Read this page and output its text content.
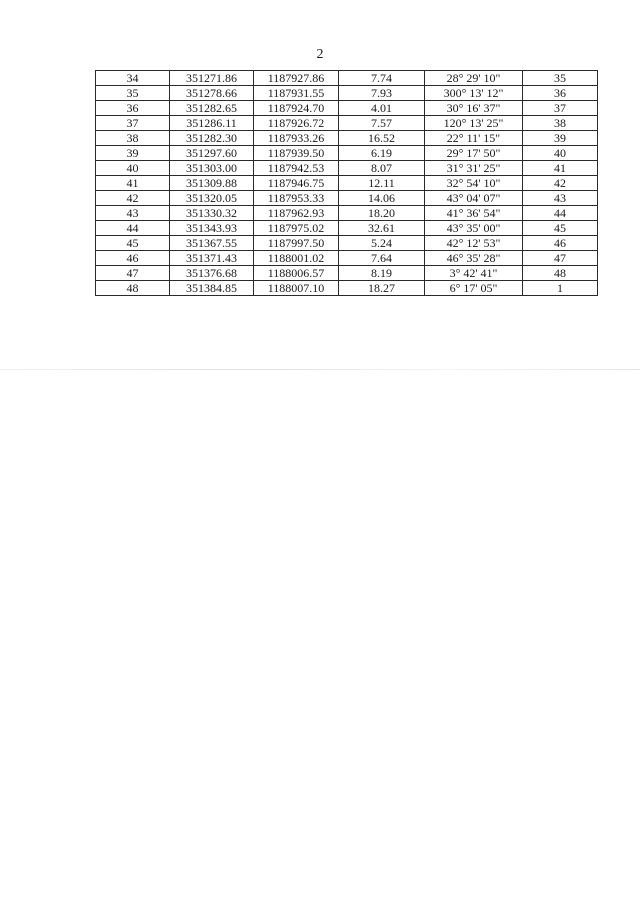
2
34	351271.86	1187927.86	7.74	28° 29' 10"	35
35	351278.66	1187931.55	7.93	300° 13' 12"	36
36	351282.65	1187924.70	4.01	30° 16' 37"	37
37	351286.11	1187926.72	7.57	120° 13' 25"	38
38	351282.30	1187933.26	16.52	22° 11' 15"	39
39	351297.60	1187939.50	6.19	29° 17' 50"	40
40	351303.00	1187942.53	8.07	31° 31' 25"	41
41	351309.88	1187946.75	12.11	32° 54' 10"	42
42	351320.05	1187953.33	14.06	43° 04' 07"	43
43	351330.32	1187962.93	18.20	41° 36' 54"	44
44	351343.93	1187975.02	32.61	43° 35' 00"	45
45	351367.55	1187997.50	5.24	42° 12' 53"	46
46	351371.43	1188001.02	7.64	46° 35' 28"	47
47	351376.68	1188006.57	8.19	3° 42' 41"	48
48	351384.85	1188007.10	18.27	6° 17' 05"	1
